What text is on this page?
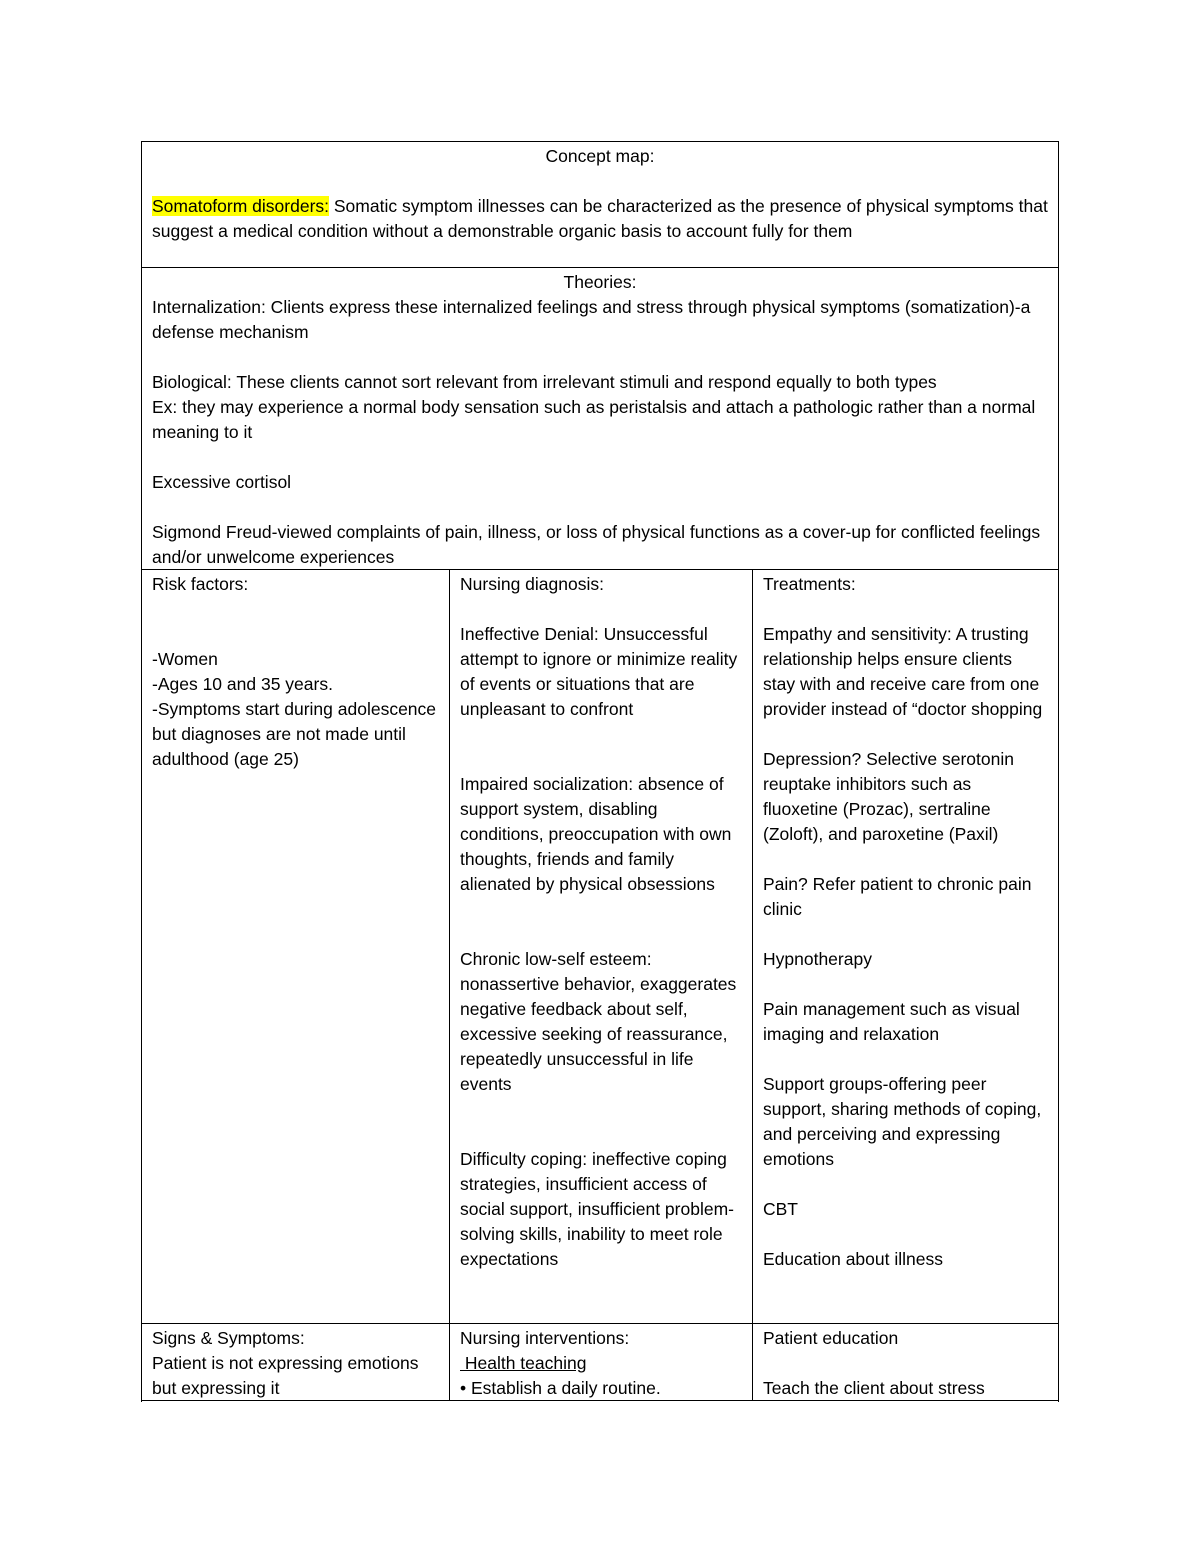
Concept map:

Somatoform disorders: Somatic symptom illnesses can be characterized as the presence of physical symptoms that suggest a medical condition without a demonstrable organic basis to account fully for them

Theories:

Internalization: Clients express these internalized feelings and stress through physical symptoms (somatization)-a defense mechanism

Biological: These clients cannot sort relevant from irrelevant stimuli and respond equally to both types

Ex: they may experience a normal body sensation such as peristalsis and attach a pathologic rather than a normal meaning to it

Excessive cortisol

Sigmond Freud-viewed complaints of pain, illness, or loss of physical functions as a cover-up for conflicted feelings and/or unwelcome experiences

Risk factors:

-Women

-Ages 10 and 35 years.

-Symptoms start during adolescence but diagnoses are not made until adulthood (age 25)

Nursing diagnosis:

Ineffective Denial: Unsuccessful attempt to ignore or minimize reality of events or situations that are unpleasant to confront

Impaired socialization: absence of support system, disabling conditions, preoccupation with own thoughts, friends and family alienated by physical obsessions

Chronic low-self esteem: nonassertive behavior, exaggerates negative feedback about self, excessive seeking of reassurance, repeatedly unsuccessful in life events

Difficulty coping: ineffective coping strategies, insufficient access of social support, insufficient problem-solving skills, inability to meet role expectations

Treatments:

Empathy and sensitivity: A trusting relationship helps ensure clients stay with and receive care from one provider instead of “doctor shopping

Depression? Selective serotonin reuptake inhibitors such as fluoxetine (Prozac), sertraline (Zoloft), and paroxetine (Paxil)

Pain? Refer patient to chronic pain clinic

Hypnotherapy

Pain management such as visual imaging and relaxation

Support groups-offering peer support, sharing methods of coping, and perceiving and expressing emotions

CBT

Education about illness

Signs & Symptoms:

Patient is not expressing emotions but expressing it

Nursing interventions:

Health teaching

• Establish a daily routine.

Patient education

Teach the client about stress
